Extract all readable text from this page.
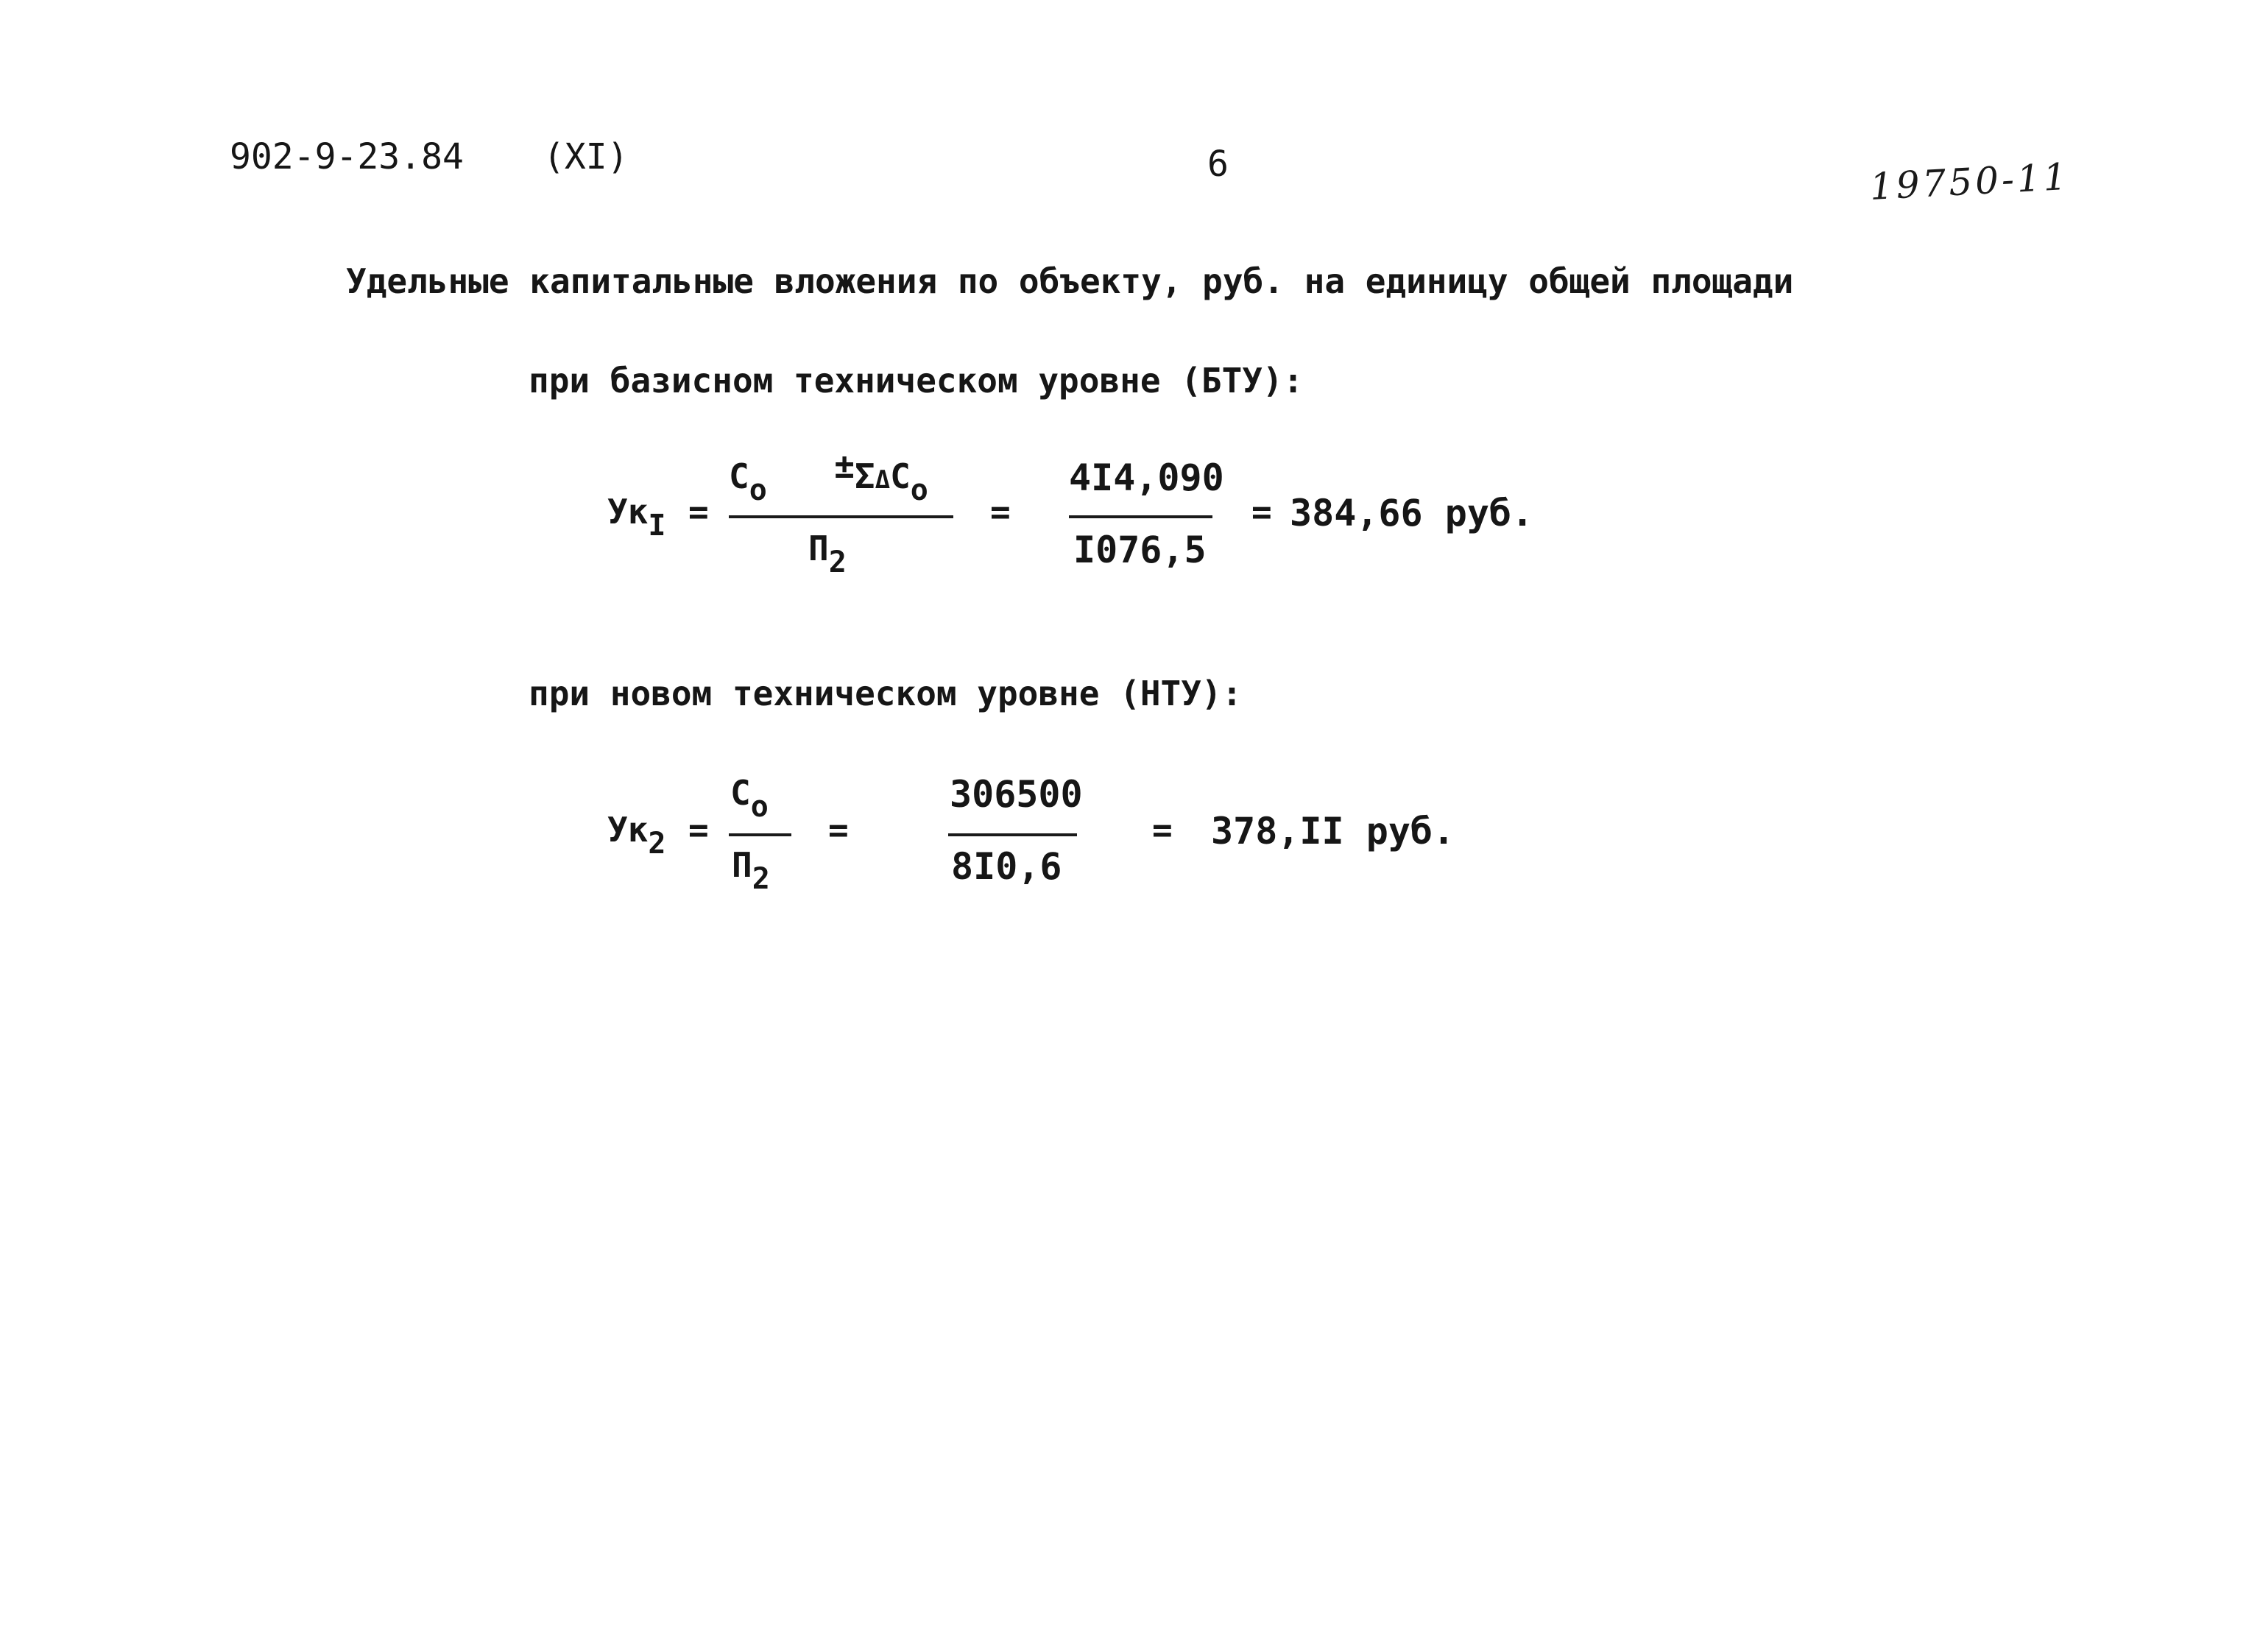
902-9-23.84 (XI)	6	19750-11
Удельные капитальные вложения по объекту, руб. на единицу общей площади
при базисном техническом уровне (БТУ):
$Ук_I$ =
$С_о \pm\Sigma\Delta С_о$
$П_2$
=
4I4,090
I076,5
= 384,66 руб.
при новом техническом уровне (НТУ):
$Ук_2$ =
$С_о$
$П_2$
=
306500
8I0,6
= 378,II руб.
